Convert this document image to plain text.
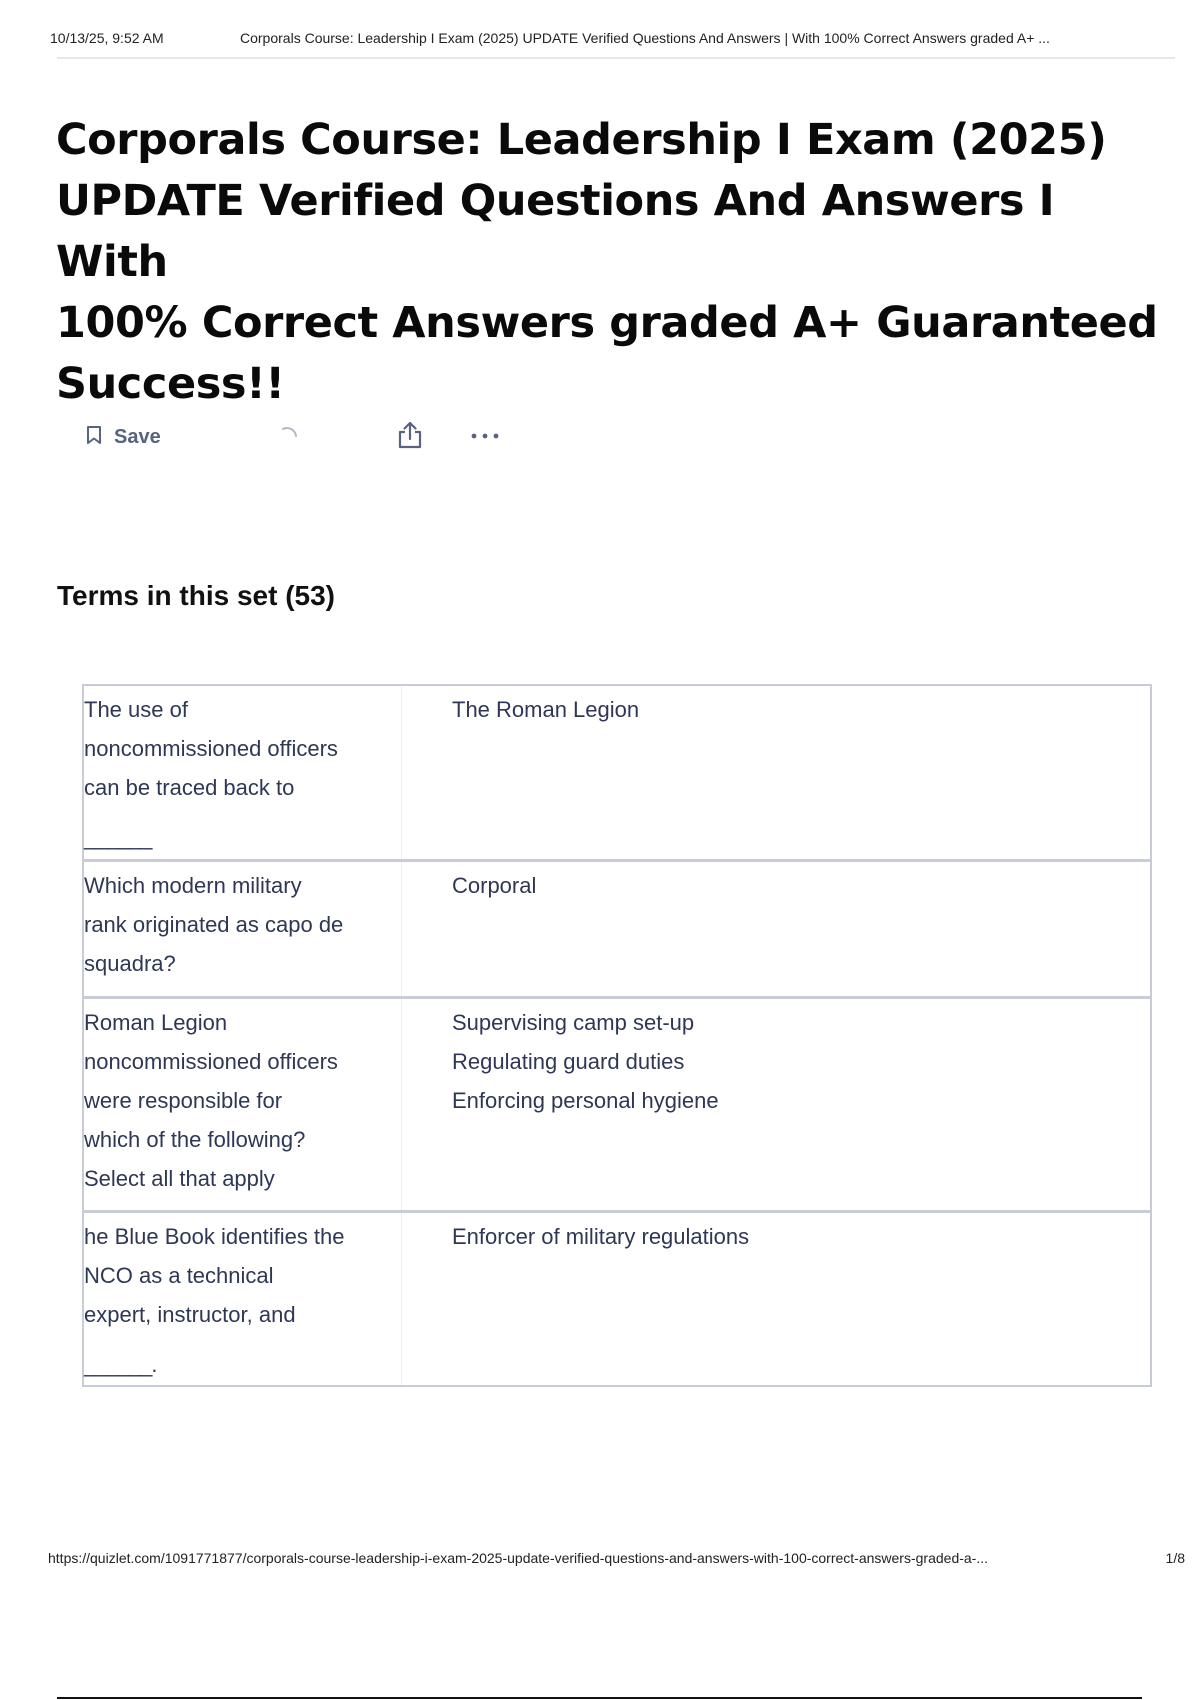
10/13/25, 9:52 AM	Corporals Course: Leadership I Exam (2025) UPDATE Verified Questions And Answers | With 100% Correct Answers graded A+ ...
Corporals Course: Leadership I Exam (2025)
UPDATE Verified Questions And Answers I With
100% Correct Answers graded A+ Guaranteed
Success!!
Save
Terms in this set (53)
The use of
noncommissioned officers
can be traced back to
______
The Roman Legion
Which modern military
rank originated as capo de
squadra?
Corporal
Roman Legion
noncommissioned officers
were responsible for
which of the following?
Select all that apply
Supervising camp set-up
Regulating guard duties
Enforcing personal hygiene
he Blue Book identifies the
NCO as a technical
expert, instructor, and
______.
Enforcer of military regulations
https://quizlet.com/1091771877/corporals-course-leadership-i-exam-2025-update-verified-questions-and-answers-with-100-correct-answers-graded-a-...	1/8
